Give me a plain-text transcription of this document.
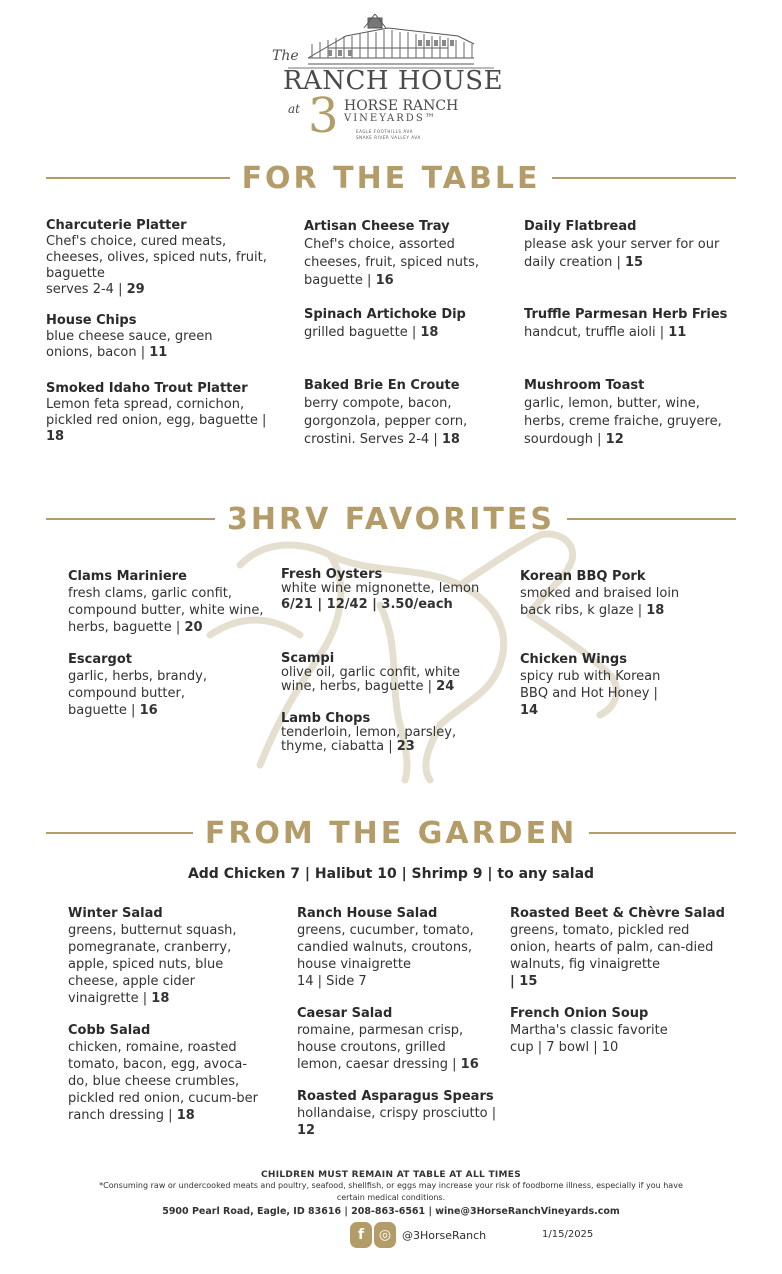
The
RANCH HOUSE
at 3 HORSE RANCH
VINEYARDS™
EAGLE FOOTHILLS AVA
SNAKE RIVER VALLEY AVA
FOR THE TABLE
Charcuterie Platter
Chef's choice, cured meats, cheeses, olives, spiced nuts, fruit, baguette
serves 2-4 | 29
House Chips
blue cheese sauce, green onions, bacon | 11
Smoked Idaho Trout Platter
Lemon feta spread, cornichon, pickled red onion, egg, baguette | 18
Artisan Cheese Tray
Chef's choice, assorted cheeses, fruit, spiced nuts, baguette | 16
Spinach Artichoke Dip
grilled baguette | 18
Baked Brie En Croute
berry compote, bacon, gorgonzola, pepper corn, crostini. Serves 2-4 | 18
Daily Flatbread
please ask your server for our daily creation | 15
Truffle Parmesan Herb Fries
handcut, truffle aioli | 11
Mushroom Toast
garlic, lemon, butter, wine, herbs, creme fraiche, gruyere, sourdough | 12
3HRV FAVORITES
Clams Mariniere
fresh clams, garlic confit, compound butter, white wine, herbs, baguette | 20
Escargot
garlic, herbs, brandy, compound butter, baguette | 16
Fresh Oysters
white wine mignonette, lemon
6/21 | 12/42 | 3.50/each
Scampi
olive oil, garlic confit, white wine, herbs, baguette | 24
Lamb Chops
tenderloin, lemon, parsley, thyme, ciabatta | 23
Korean BBQ Pork
smoked and braised loin back ribs, k glaze | 18
Chicken Wings
spicy rub with Korean BBQ and Hot Honey | 14
FROM THE GARDEN
Add Chicken 7 | Halibut 10 | Shrimp 9 | to any salad
Winter Salad
greens, butternut squash, pomegranate, cranberry, apple, spiced nuts, blue cheese, apple cider vinaigrette | 18
Cobb Salad
chicken, romaine, roasted tomato, bacon, egg, avoca-do, blue cheese crumbles, pickled red onion, cucum-ber ranch dressing | 18
Ranch House Salad
greens, cucumber, tomato, candied walnuts, croutons, house vinaigrette
14 | Side 7
Caesar Salad
romaine, parmesan crisp, house croutons, grilled lemon, caesar dressing | 16
Roasted Asparagus Spears
hollandaise, crispy prosciutto | 12
Roasted Beet & Chèvre Salad
greens, tomato, pickled red onion, hearts of palm, can-died walnuts, fig vinaigrette
| 15
French Onion Soup
Martha's classic favorite
cup | 7 bowl | 10
CHILDREN MUST REMAIN AT TABLE AT ALL TIMES
*Consuming raw or undercooked meats and poultry, seafood, shellfish, or eggs may increase your risk of foodborne illness, especially if you have certain medical conditions.
5900 Pearl Road, Eagle, ID 83616 | 208-863-6561 | wine@3HorseRanchVineyards.com
f	◎ @3HorseRanch	1/15/2025
